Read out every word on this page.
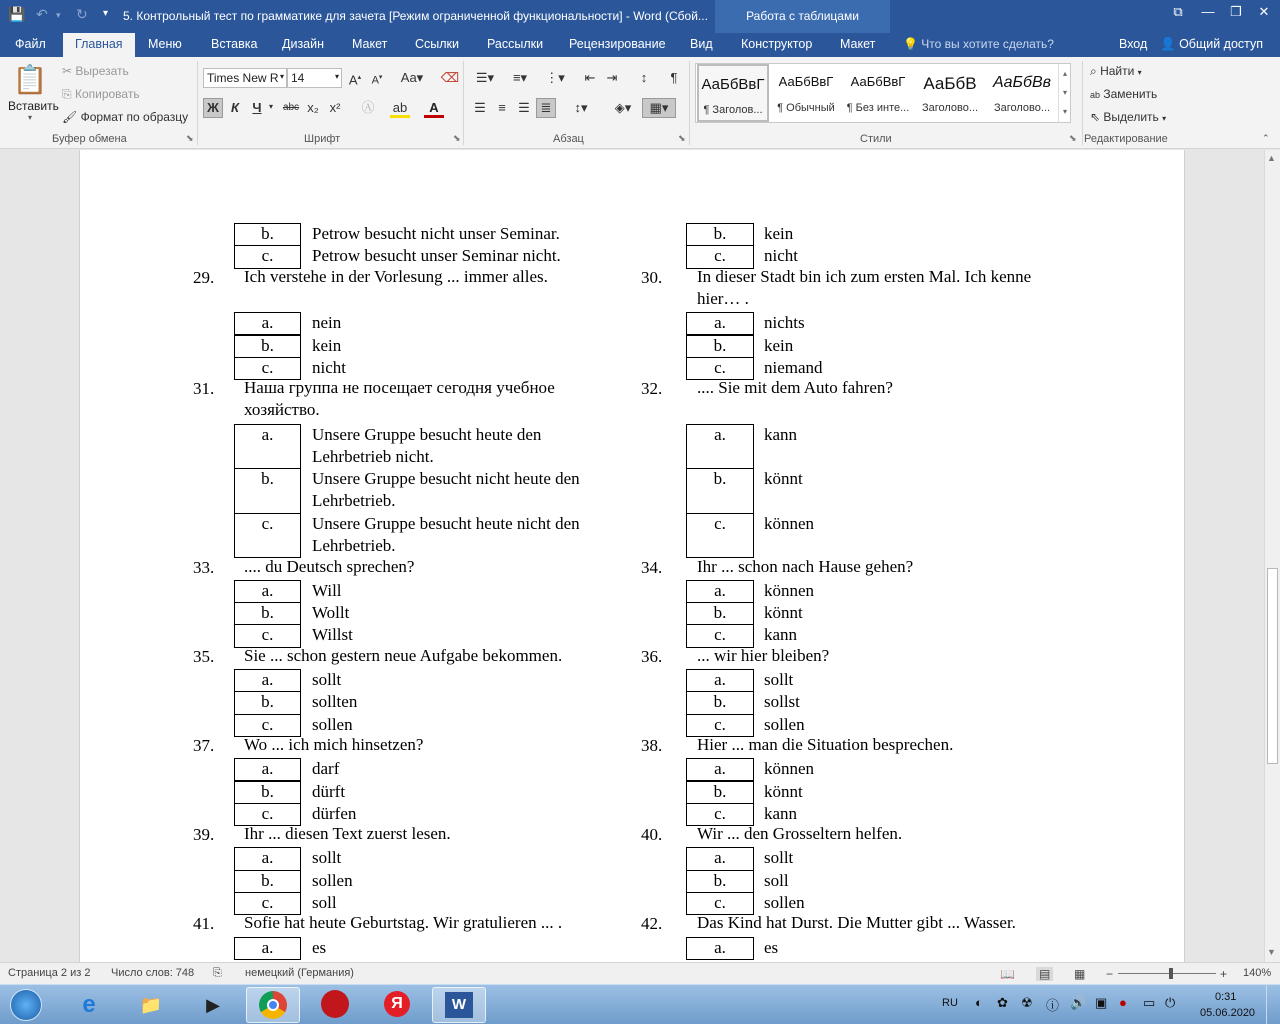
💾 ↶ ▾ ↻ ▾ 5. Контрольный тест по грамматике для зачета [Режим ограниченной функциональности] - Word (Сбой...	Работа с таблицами	⧉	—	❐	✕
Файл	Главная	Меню Вставка Дизайн Макет Ссылки Рассылки Рецензирование Вид Конструктор Макет 💡 Что вы хотите сделать?	Вход 👤 Общий доступ
📋
Вставить
▾
✂ Вырезать
⎘ Копировать
🖌 Формат по образцу
Буфер обмена	⬊
Times New R ▾ 14	▾ A▴ A▾	Aa▾ ⌫
Ж К	Ч ▾ abc x₂ x²	Ⓐ ab	A
Шрифт	⬊
☰▾	≡▾	⋮▾	⇤ ⇥	↕	¶
☰ ≡ ☰ ≣	↕▾	◈▾	▦▾
Абзац	⬊
АаБбВвГ
¶ Заголов...
АаБбВвГ
¶ Обычный
АаБбВвГ
¶ Без инте...
АаБбВ
Заголово...
АаБбВв
Заголово...
▴
▾
▾
Стили	⬊
⌕ Найти ▾
ab Заменить
⇖ Выделить ▾
Редактирование	⌃
b.	Petrow besucht nicht unser Seminar.
c.	Petrow besucht unser Seminar nicht.
29. Ich verstehe in der Vorlesung ... immer alles.
a.	nein
b.	kein
c.	nicht
31. Наша группа не посещает сегодня учебное хозяйство.
a.	Unsere Gruppe besucht heute den Lehrbetrieb nicht.
b.	Unsere Gruppe besucht nicht heute den Lehrbetrieb.
c.	Unsere Gruppe besucht heute nicht den Lehrbetrieb.
33. .... du Deutsch sprechen?
a.	Will
b.	Wollt
c.	Willst
35. Sie ... schon gestern neue Aufgabe bekommen.
a.	sollt
b.	sollten
c.	sollen
37. Wo ... ich mich hinsetzen?
a.	darf
b.	dürft
c.	dürfen
39. Ihr ... diesen Text zuerst lesen.
a.	sollt
b.	sollen
c.	soll
41. Sofie hat heute Geburtstag. Wir gratulieren ... .
a.	es
b.	kein
c.	nicht
30. In dieser Stadt bin ich zum ersten Mal. Ich kenne hier… .
a.	nichts
b.	kein
c.	niemand
32. .... Sie mit dem Auto fahren?
a.	kann
b.	könnt
c.	können
34. Ihr ... schon nach Hause gehen?
a.	können
b.	könnt
c.	kann
36. ... wir hier bleiben?
a.	sollt
b.	sollst
c.	sollen
38. Hier ... man die Situation besprechen.
a.	können
b.	könnt
c.	kann
40. Wir ... den Grosseltern helfen.
a.	sollt
b.	soll
c.	sollen
42. Das Kind hat Durst. Die Mutter gibt ... Wasser.
a.	es
▲
▼
Страница 2 из 2 Число слов: 748 ⎘ немецкий (Германия)	📖 ▤ ▦ −	+ 140%
e	📁	▶	Я	W	RU ◐ ✿ ☢ ⓘ 🔊 ▣ ● ▭ ⏻	0:31
05.06.2020
